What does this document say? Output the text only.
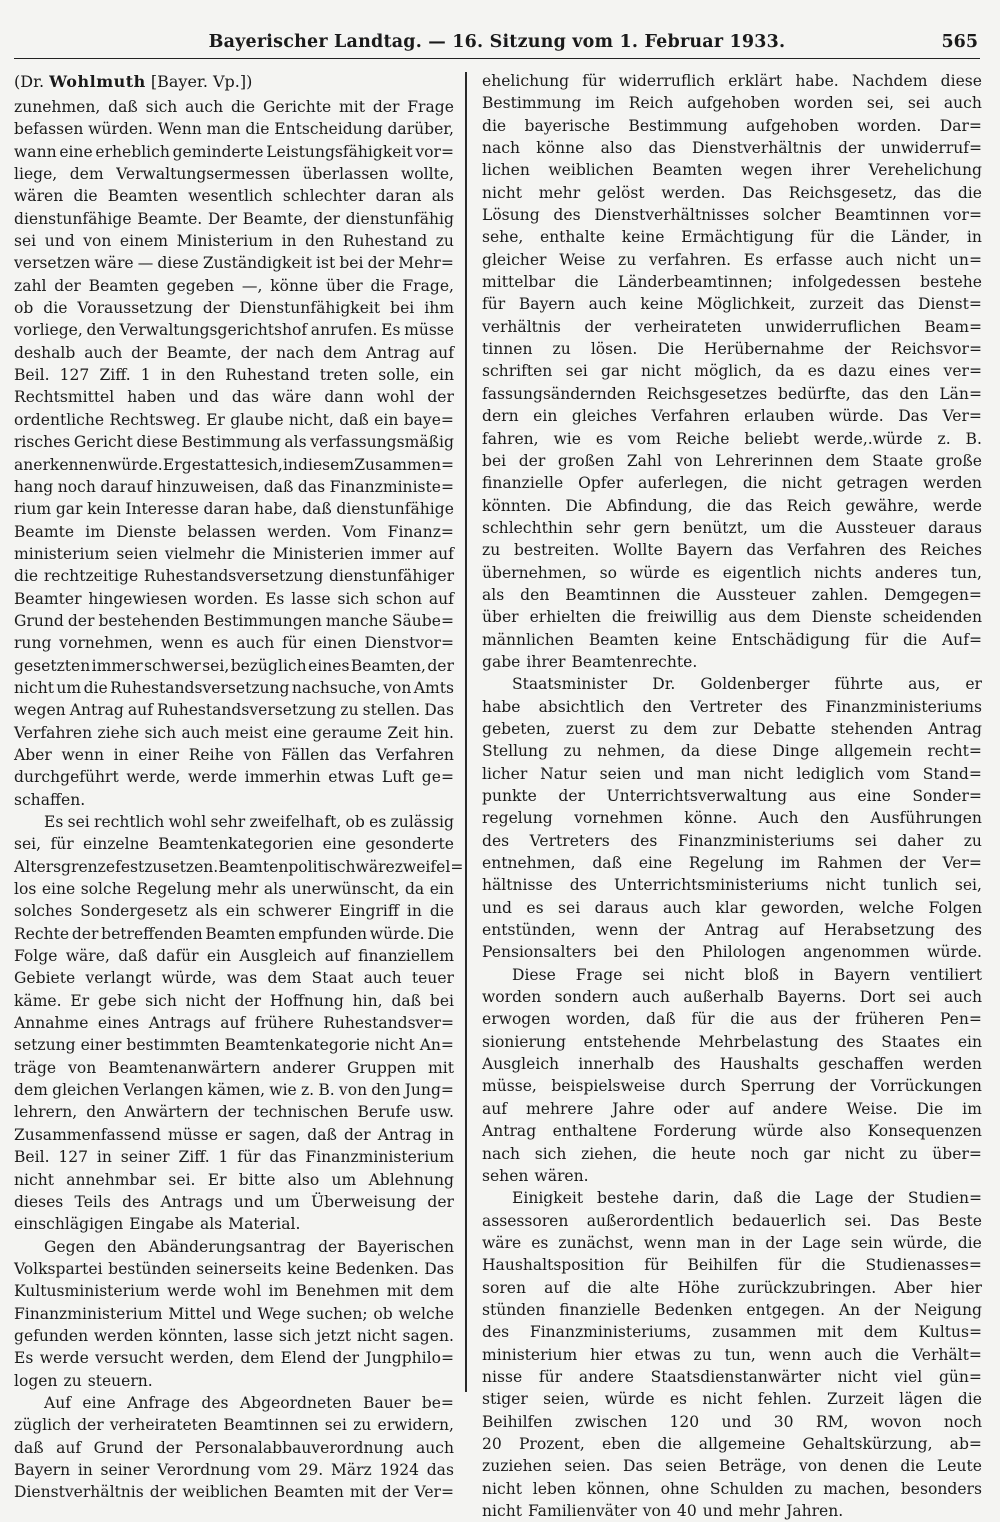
Bayerischer Landtag. — 16. Sitzung vom 1. Februar 1933.	565
(Dr. Wohlmuth [Bayer. Vp.])
zunehmen, daß sich auch die Gerichte mit der Frage
befassen würden. Wenn man die Entscheidung darüber,
wann eine erheblich geminderte Leistungsfähigkeit vor=
liege, dem Verwaltungsermessen überlassen wollte,
wären die Beamten wesentlich schlechter daran als
dienstunfähige Beamte. Der Beamte, der dienstunfähig
sei und von einem Ministerium in den Ruhestand zu
versetzen wäre — diese Zuständigkeit ist bei der Mehr=
zahl der Beamten gegeben —, könne über die Frage,
ob die Voraussetzung der Dienstunfähigkeit bei ihm
vorliege, den Verwaltungsgerichtshof anrufen. Es müsse
deshalb auch der Beamte, der nach dem Antrag auf
Beil. 127 Ziff. 1 in den Ruhestand treten solle, ein
Rechtsmittel haben und das wäre dann wohl der
ordentliche Rechtsweg. Er glaube nicht, daß ein baye=
risches Gericht diese Bestimmung als verfassungsmäßig
anerkennen würde. Er gestatte sich, in diesem Zusammen=
hang noch darauf hinzuweisen, daß das Finanzministe=
rium gar kein Interesse daran habe, daß dienstunfähige
Beamte im Dienste belassen werden. Vom Finanz=
ministerium seien vielmehr die Ministerien immer auf
die rechtzeitige Ruhestandsversetzung dienstunfähiger
Beamter hingewiesen worden. Es lasse sich schon auf
Grund der bestehenden Bestimmungen manche Säube=
rung vornehmen, wenn es auch für einen Dienstvor=
gesetzten immer schwer sei, bezüglich eines Beamten, der
nicht um die Ruhestandsversetzung nachsuche, von Amts
wegen Antrag auf Ruhestandsversetzung zu stellen. Das
Verfahren ziehe sich auch meist eine geraume Zeit hin.
Aber wenn in einer Reihe von Fällen das Verfahren
durchgeführt werde, werde immerhin etwas Luft ge=
schaffen.
Es sei rechtlich wohl sehr zweifelhaft, ob es zulässig
sei, für einzelne Beamtenkategorien eine gesonderte
Altersgrenze festzusetzen. Beamtenpolitisch wäre zweifel=
los eine solche Regelung mehr als unerwünscht, da ein
solches Sondergesetz als ein schwerer Eingriff in die
Rechte der betreffenden Beamten empfunden würde. Die
Folge wäre, daß dafür ein Ausgleich auf finanziellem
Gebiete verlangt würde, was dem Staat auch teuer
käme. Er gebe sich nicht der Hoffnung hin, daß bei
Annahme eines Antrags auf frühere Ruhestandsver=
setzung einer bestimmten Beamtenkategorie nicht An=
träge von Beamtenanwärtern anderer Gruppen mit
dem gleichen Verlangen kämen, wie z. B. von den Jung=
lehrern, den Anwärtern der technischen Berufe usw.
Zusammenfassend müsse er sagen, daß der Antrag in
Beil. 127 in seiner Ziff. 1 für das Finanzministerium
nicht annehmbar sei. Er bitte also um Ablehnung
dieses Teils des Antrags und um Überweisung der
einschlägigen Eingabe als Material.
Gegen den Abänderungsantrag der Bayerischen
Volkspartei bestünden seinerseits keine Bedenken. Das
Kultusministerium werde wohl im Benehmen mit dem
Finanzministerium Mittel und Wege suchen; ob welche
gefunden werden könnten, lasse sich jetzt nicht sagen.
Es werde versucht werden, dem Elend der Jungphilo=
logen zu steuern.
Auf eine Anfrage des Abgeordneten Bauer be=
züglich der verheirateten Beamtinnen sei zu erwidern,
daß auf Grund der Personalabbauverordnung auch
Bayern in seiner Verordnung vom 29. März 1924 das
Dienstverhältnis der weiblichen Beamten mit der Ver=
ehelichung für widerruflich erklärt habe. Nachdem diese
Bestimmung im Reich aufgehoben worden sei, sei auch
die bayerische Bestimmung aufgehoben worden. Dar=
nach könne also das Dienstverhältnis der unwiderruf=
lichen weiblichen Beamten wegen ihrer Verehelichung
nicht mehr gelöst werden. Das Reichsgesetz, das die
Lösung des Dienstverhältnisses solcher Beamtinnen vor=
sehe, enthalte keine Ermächtigung für die Länder, in
gleicher Weise zu verfahren. Es erfasse auch nicht un=
mittelbar die Länderbeamtinnen; infolgedessen bestehe
für Bayern auch keine Möglichkeit, zurzeit das Dienst=
verhältnis der verheirateten unwiderruflichen Beam=
tinnen zu lösen. Die Herübernahme der Reichsvor=
schriften sei gar nicht möglich, da es dazu eines ver=
fassungsändernden Reichsgesetzes bedürfte, das den Län=
dern ein gleiches Verfahren erlauben würde. Das Ver=
fahren, wie es vom Reiche beliebt werde,.würde z. B.
bei der großen Zahl von Lehrerinnen dem Staate große
finanzielle Opfer auferlegen, die nicht getragen werden
könnten. Die Abfindung, die das Reich gewähre, werde
schlechthin sehr gern benützt, um die Aussteuer daraus
zu bestreiten. Wollte Bayern das Verfahren des Reiches
übernehmen, so würde es eigentlich nichts anderes tun,
als den Beamtinnen die Aussteuer zahlen. Demgegen=
über erhielten die freiwillig aus dem Dienste scheidenden
männlichen Beamten keine Entschädigung für die Auf=
gabe ihrer Beamtenrechte.
Staatsminister Dr. Goldenberger führte aus, er
habe absichtlich den Vertreter des Finanzministeriums
gebeten, zuerst zu dem zur Debatte stehenden Antrag
Stellung zu nehmen, da diese Dinge allgemein recht=
licher Natur seien und man nicht lediglich vom Stand=
punkte der Unterrichtsverwaltung aus eine Sonder=
regelung vornehmen könne. Auch den Ausführungen
des Vertreters des Finanzministeriums sei daher zu
entnehmen, daß eine Regelung im Rahmen der Ver=
hältnisse des Unterrichtsministeriums nicht tunlich sei,
und es sei daraus auch klar geworden, welche Folgen
entstünden, wenn der Antrag auf Herabsetzung des
Pensionsalters bei den Philologen angenommen würde.
Diese Frage sei nicht bloß in Bayern ventiliert
worden sondern auch außerhalb Bayerns. Dort sei auch
erwogen worden, daß für die aus der früheren Pen=
sionierung entstehende Mehrbelastung des Staates ein
Ausgleich innerhalb des Haushalts geschaffen werden
müsse, beispielsweise durch Sperrung der Vorrückungen
auf mehrere Jahre oder auf andere Weise. Die im
Antrag enthaltene Forderung würde also Konsequenzen
nach sich ziehen, die heute noch gar nicht zu über=
sehen wären.
Einigkeit bestehe darin, daß die Lage der Studien=
assessoren außerordentlich bedauerlich sei. Das Beste
wäre es zunächst, wenn man in der Lage sein würde, die
Haushaltsposition für Beihilfen für die Studienasses=
soren auf die alte Höhe zurückzubringen. Aber hier
stünden finanzielle Bedenken entgegen. An der Neigung
des Finanzministeriums, zusammen mit dem Kultus=
ministerium hier etwas zu tun, wenn auch die Verhält=
nisse für andere Staatsdienstanwärter nicht viel gün=
stiger seien, würde es nicht fehlen. Zurzeit lägen die
Beihilfen zwischen 120 und 30 RM, wovon noch
20 Prozent, eben die allgemeine Gehaltskürzung, ab=
zuziehen seien. Das seien Beträge, von denen die Leute
nicht leben können, ohne Schulden zu machen, besonders
nicht Familienväter von 40 und mehr Jahren.
